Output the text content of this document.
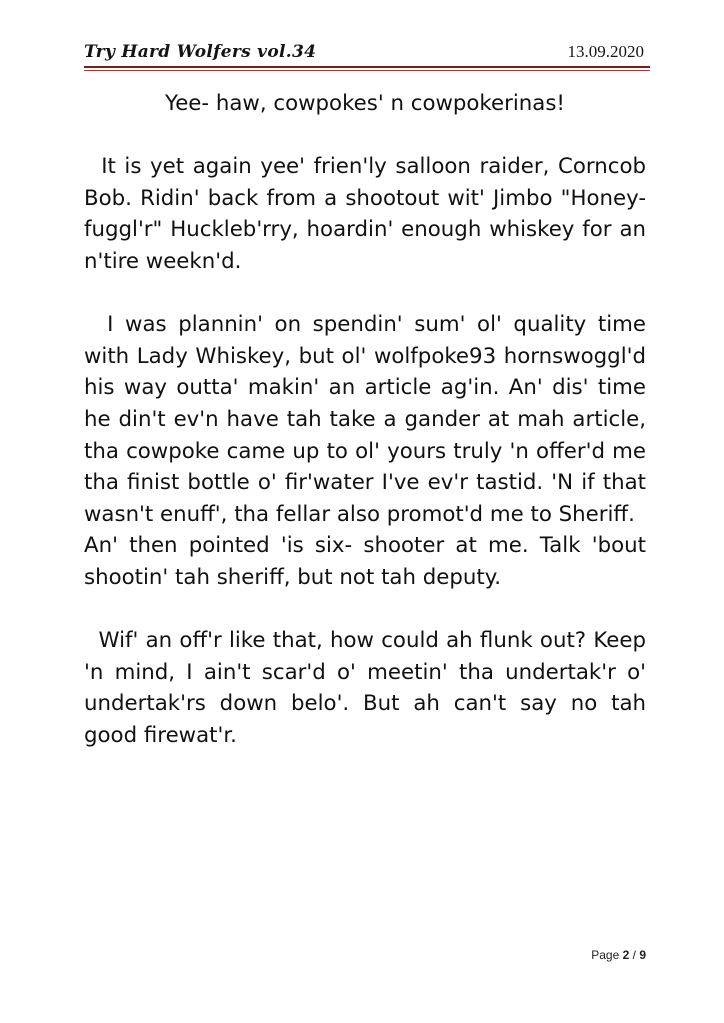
Try Hard Wolfers vol.34	13.09.2020

Yee- haw, cowpokes' n cowpokerinas!

It is yet again yee' frien'ly salloon raider, Corncob Bob. Ridin' back from a shootout wit' Jimbo "Honey- fuggl'r" Huckleb'rry, hoardin' enough whiskey for an n'tire weekn'd.

I was plannin' on spendin' sum' ol' quality time with Lady Whiskey, but ol' wolfpoke93 hornswoggl'd his way outta' makin' an article ag'in. An' dis' time he din't ev'n have tah take a gander at mah article, tha cowpoke came up to ol' yours truly 'n offer'd me tha finist bottle o' fir'water I've ev'r tastid. 'N if that wasn't enuff', tha fellar also promot'd me to Sheriff.

An' then pointed 'is six- shooter at me. Talk 'bout shootin' tah sheriff, but not tah deputy.

Wif' an off'r like that, how could ah flunk out? Keep 'n mind, I ain't scar'd o' meetin' tha undertak'r o' undertak'rs down belo'. But ah can't say no tah good firewat'r.

Page 2 / 9
